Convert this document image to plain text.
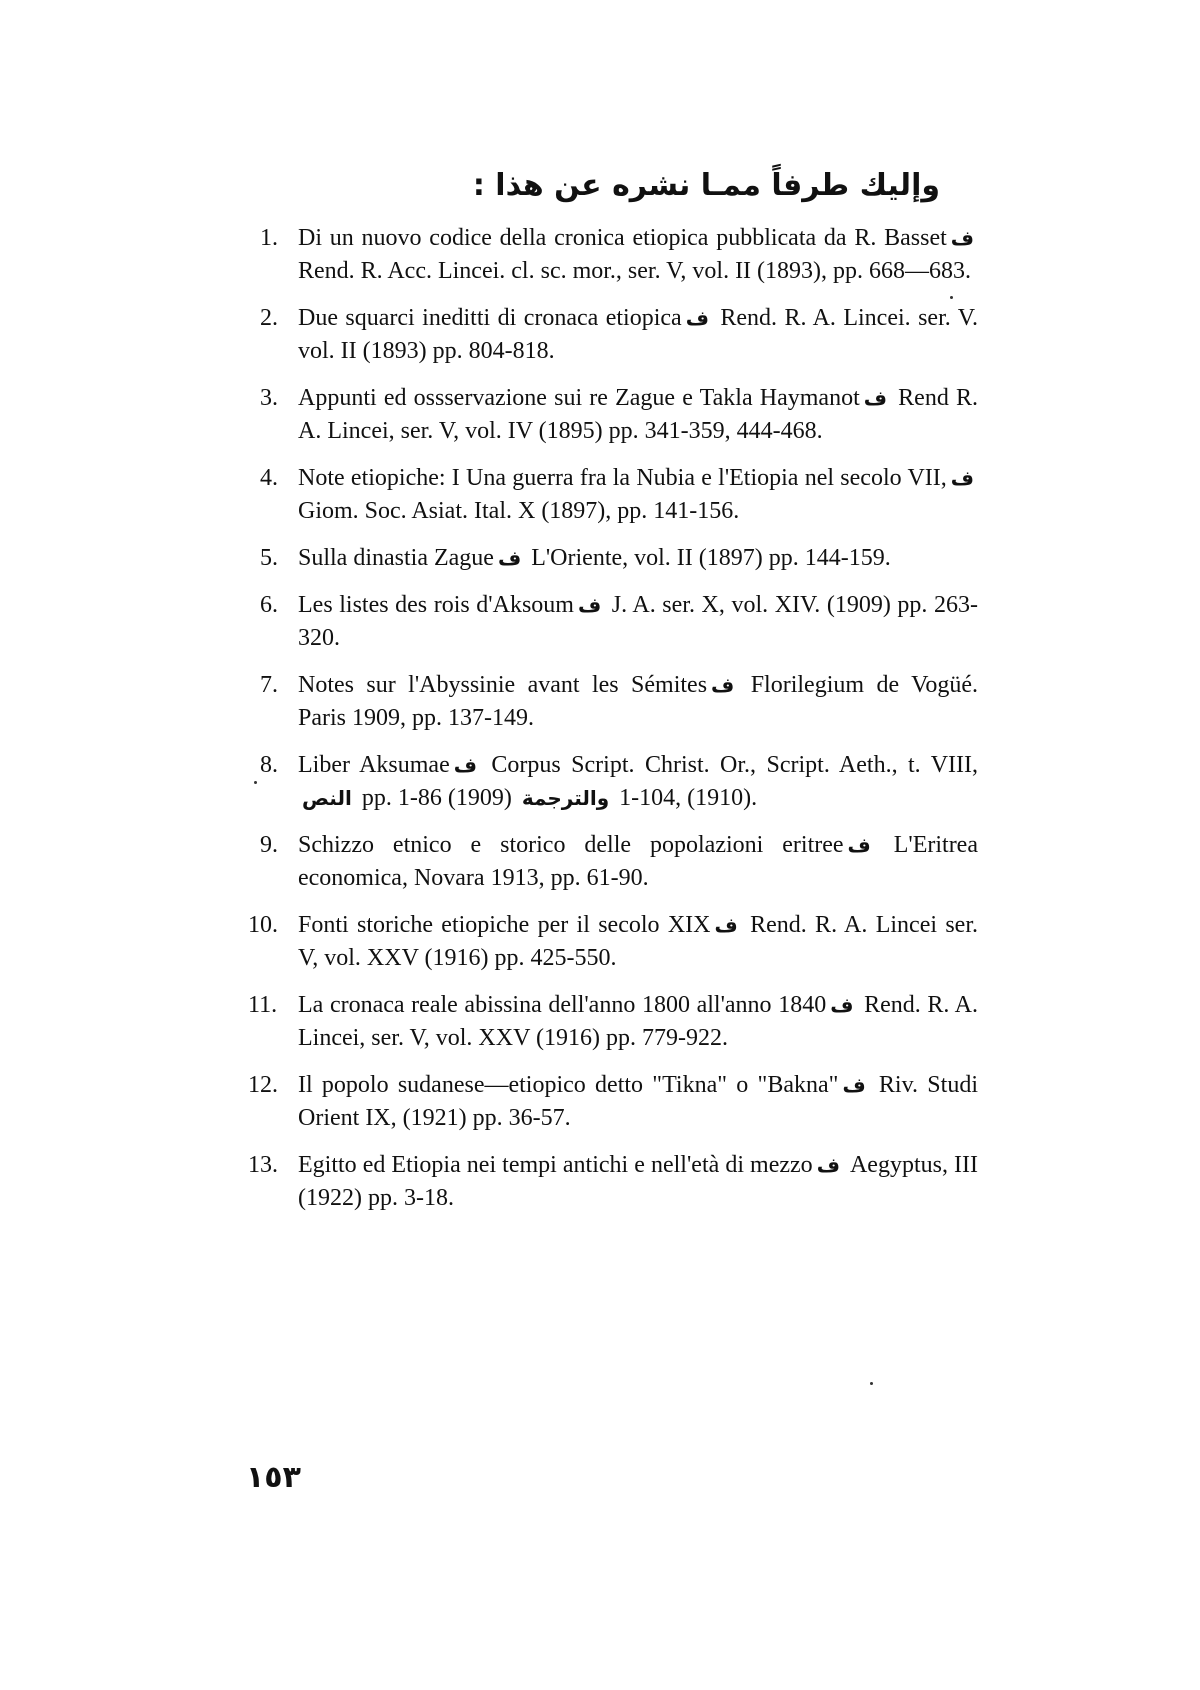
وإليك طرفاً ممـا نشره عن هذا :
1. Di un nuovo codice della cronica etiopica pubblicata da R. Basset ف Rend. R. Acc. Lincei. cl. sc. mor., ser. V, vol. II (1893), pp. 668—683.
2. Due squarci ineditti di cronaca etiopica ف Rend. R. A. Lincei. ser. V. vol. II (1893) pp. 804-818.
3. Appunti ed ossservazione sui re Zague e Takla Haymanot ف Rend R. A. Lincei, ser. V, vol. IV (1895) pp. 341-359, 444-468.
4. Note etiopiche: I Una guerra fra la Nubia e l'Etiopia nel secolo VII, ف Giom. Soc. Asiat. Ital. X (1897), pp. 141-156.
5. Sulla dinastia Zague ف L'Oriente, vol. II (1897) pp. 144-159.
6. Les listes des rois d'Aksoum ف J. A. ser. X, vol. XIV. (1909) pp. 263-320.
7. Notes sur l'Abyssinie avant les Sémites ف Florilegium de Vogüé. Paris 1909, pp. 137-149.
8. Liber Aksumae ف Corpus Script. Christ. Or., Script. Aeth., t. VIII, النص pp. 1-86 (1909) والترجمة 1-104, (1910).
9. Schizzo etnico e storico delle popolazioni eritree ف L'Eritrea economica, Novara 1913, pp. 61-90.
10. Fonti storiche etiopiche per il secolo XIX ف Rend. R. A. Lincei ser. V, vol. XXV (1916) pp. 425-550.
11. La cronaca reale abissina dell'anno 1800 all'anno 1840 ف Rend. R. A. Lincei, ser. V, vol. XXV (1916) pp. 779-922.
12. Il popolo sudanese—etiopico detto "Tikna" o "Bakna" ف Riv. Studi Orient IX, (1921) pp. 36-57.
13. Egitto ed Etiopia nei tempi antichi e nell'età di mezzo ف Aegyptus, III (1922) pp. 3-18.
١٥٣
